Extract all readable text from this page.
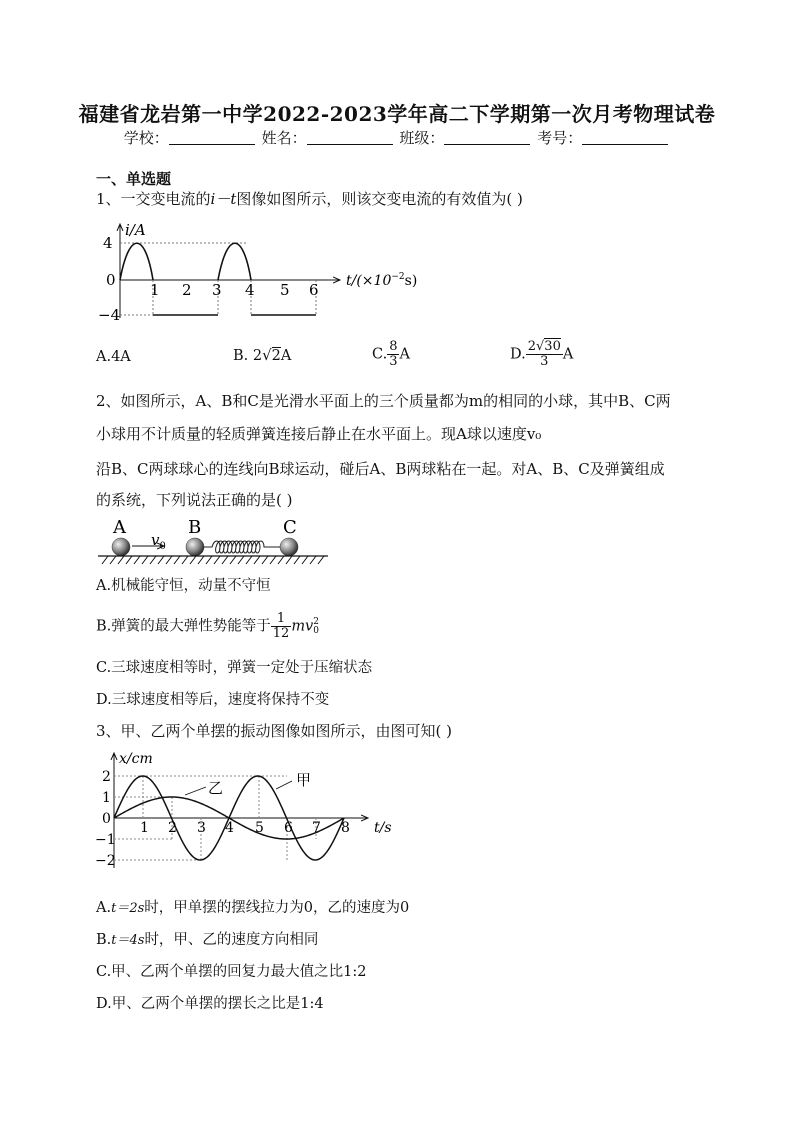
福建省龙岩第一中学2022-2023学年高二下学期第一次月考物理试卷
学校：	姓名：	班级：	考号：
一、单选题
1、一交变电流的i－t图像如图所示，则该交变电流的有效值为( )
i/A
4
0
−4
1 2 3 4 5 6 $t/(\times 10^{-2}s)$
A.4A	B. 2√2A	C. $\frac{8}{3}$ A	D. $\frac{2√30}{3}$ A
2、如图所示，A、B和C是光滑水平面上的三个质量都为m的相同的小球，其中B、C两
小球用不计质量的轻质弹簧连接后静止在水平面上。现A球以速度v₀
沿B、C两球球心的连线向B球运动，碰后A、B两球粘在一起。对A、B、C及弹簧组成
的系统，下列说法正确的是( )
A	B	C
$v_0$
A.机械能守恒，动量不守恒
B.弹簧的最大弹性势能等于 $\frac{1}{12}$ mv 2
0
C.三球速度相等时，弹簧一定处于压缩状态
D.三球速度相等后，速度将保持不变
3、甲、乙两个单摆的振动图像如图所示，由图可知( )
乙	甲
x/cm
t/s
2
1
0
−1
−2
1 2 3 4 5 6 7 8
A.t＝2s时，甲单摆的摆线拉力为0，乙的速度为0
B.t＝4s时，甲、乙的速度方向相同
C.甲、乙两个单摆的回复力最大值之比1:2
D.甲、乙两个单摆的摆长之比是1:4
